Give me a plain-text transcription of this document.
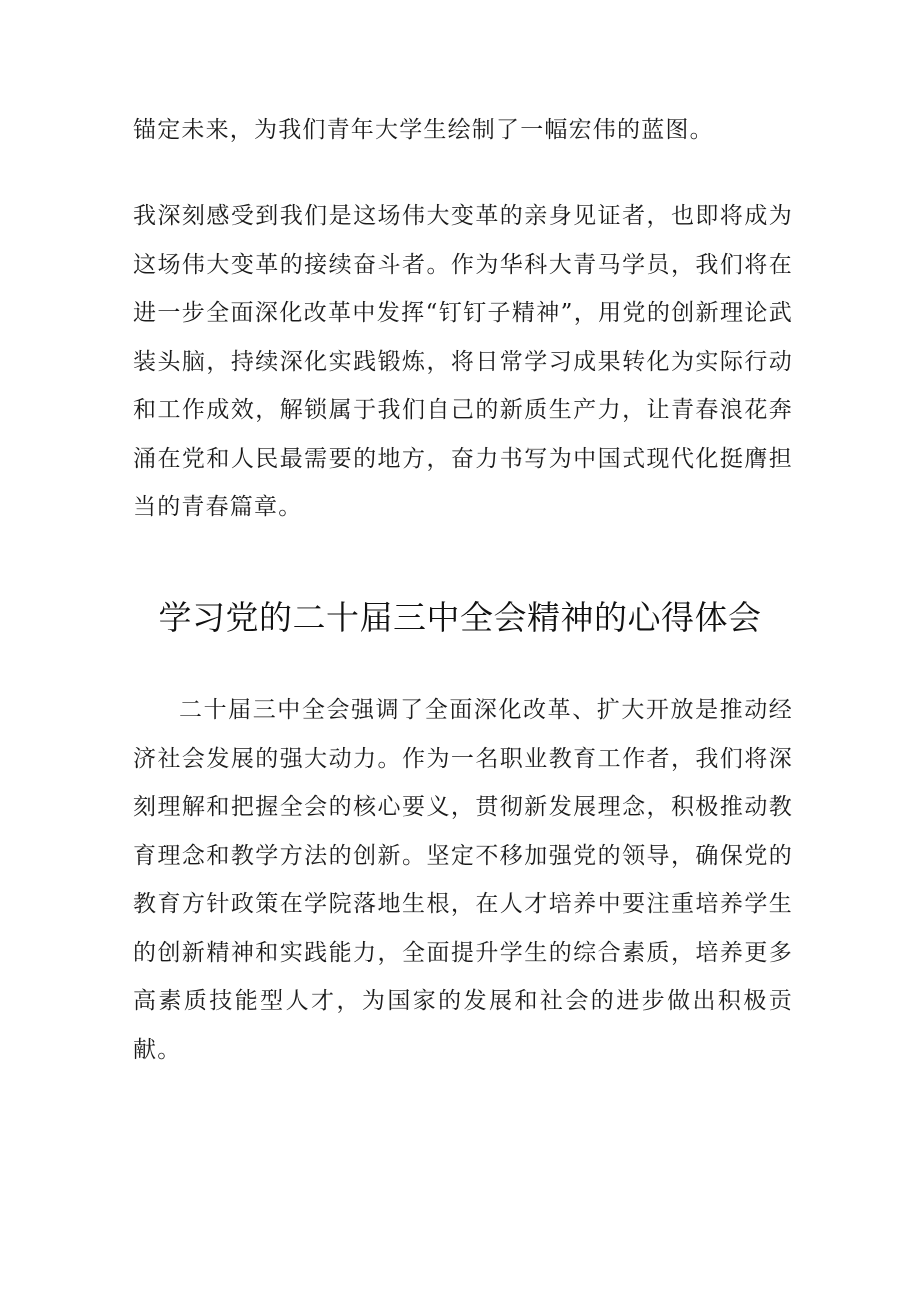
锚定未来，为我们青年大学生绘制了一幅宏伟的蓝图。

我深刻感受到我们是这场伟大变革的亲身见证者，也即将成为这场伟大变革的接续奋斗者。作为华科大青马学员，我们将在进一步全面深化改革中发挥“钉钉子精神”，用党的创新理论武装头脑，持续深化实践锻炼，将日常学习成果转化为实际行动和工作成效，解锁属于我们自己的新质生产力，让青春浪花奔涌在党和人民最需要的地方，奋力书写为中国式现代化挺膺担当的青春篇章。

学习党的二十届三中全会精神的心得体会

二十届三中全会强调了全面深化改革、扩大开放是推动经济社会发展的强大动力。作为一名职业教育工作者，我们将深刻理解和把握全会的核心要义，贯彻新发展理念，积极推动教育理念和教学方法的创新。坚定不移加强党的领导，确保党的教育方针政策在学院落地生根，在人才培养中要注重培养学生的创新精神和实践能力，全面提升学生的综合素质，培养更多高素质技能型人才，为国家的发展和社会的进步做出积极贡献。
